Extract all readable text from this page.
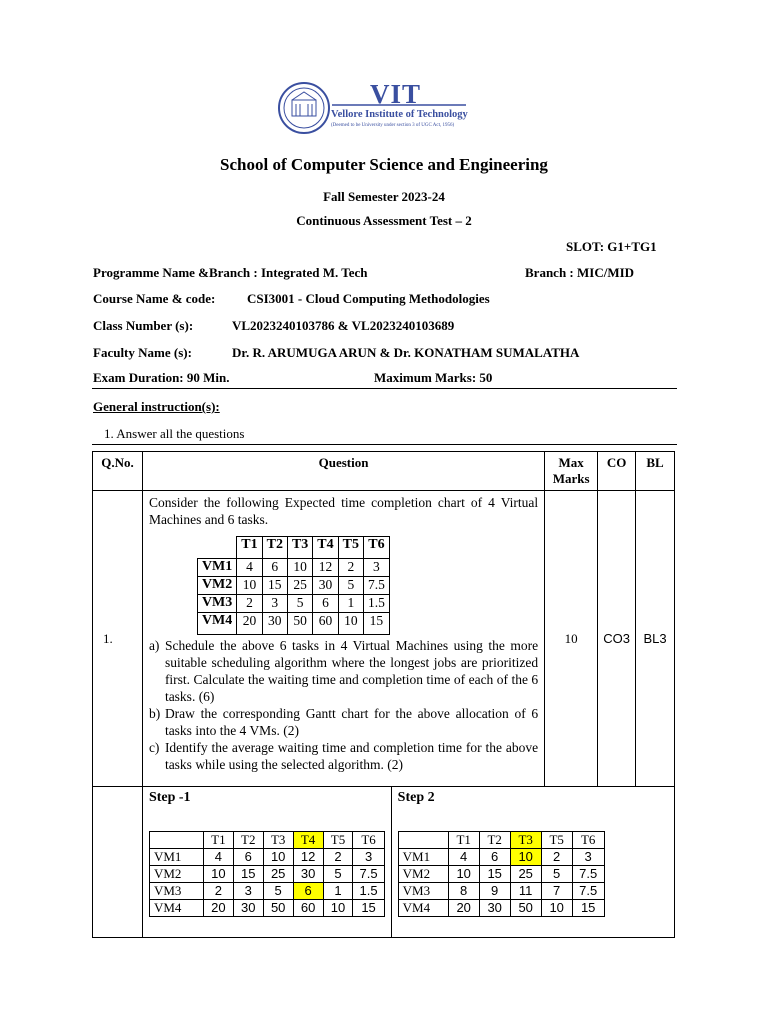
VIT
Vellore Institute of Technology
(Deemed to be University under section 3 of UGC Act, 1956)
School of Computer Science and Engineering
Fall Semester 2023-24
Continuous Assessment Test – 2
SLOT: G1+TG1
Programme Name &Branch : Integrated M. Tech	Branch : MIC/MID
Course Name & code: CSI3001 - Cloud Computing Methodologies
Class Number (s):	VL2023240103786 & VL2023240103689
Faculty Name (s):	Dr. R. ARUMUGA ARUN & Dr. KONATHAM SUMALATHA
Exam Duration: 90 Min.	Maximum Marks: 50
General instruction(s):
1. Answer all the questions
Q.No.	Question	Max Marks	CO	BL
1.	
Consider the following Expected time completion chart of 4 Virtual Machines and 6 tasks.
	T1	T2	T3	T4	T5	T6
VM1	4	6	10	12	2	3
VM2	10	15	25	30	5	7.5
VM3	2	3	5	6	1	1.5
VM4	20	30	50	60	10	15
a) Schedule the above 6 tasks in 4 Virtual Machines using the more suitable scheduling algorithm where the longest jobs are prioritized first. Calculate the waiting time and completion time of each of the 6 tasks. (6)
b) Draw the corresponding Gantt chart for the above allocation of 6 tasks into the 4 VMs. (2)
c) Identify the average waiting time and completion time for the above tasks while using the selected algorithm. (2)
	10	CO3	BL3

Step -1
	T1	T2	T3	T4	T5	T6
VM1	4	6	10	12	2	3
VM2	10	15	25	30	5	7.5
VM3	2	3	5	6	1	1.5
VM4	20	30	50	60	10	15

Step 2
	T1	T2	T3	T5	T6
VM1	4	6	10	2	3
VM2	10	15	25	5	7.5
VM3	8	9	11	7	7.5
VM4	20	30	50	10	15
